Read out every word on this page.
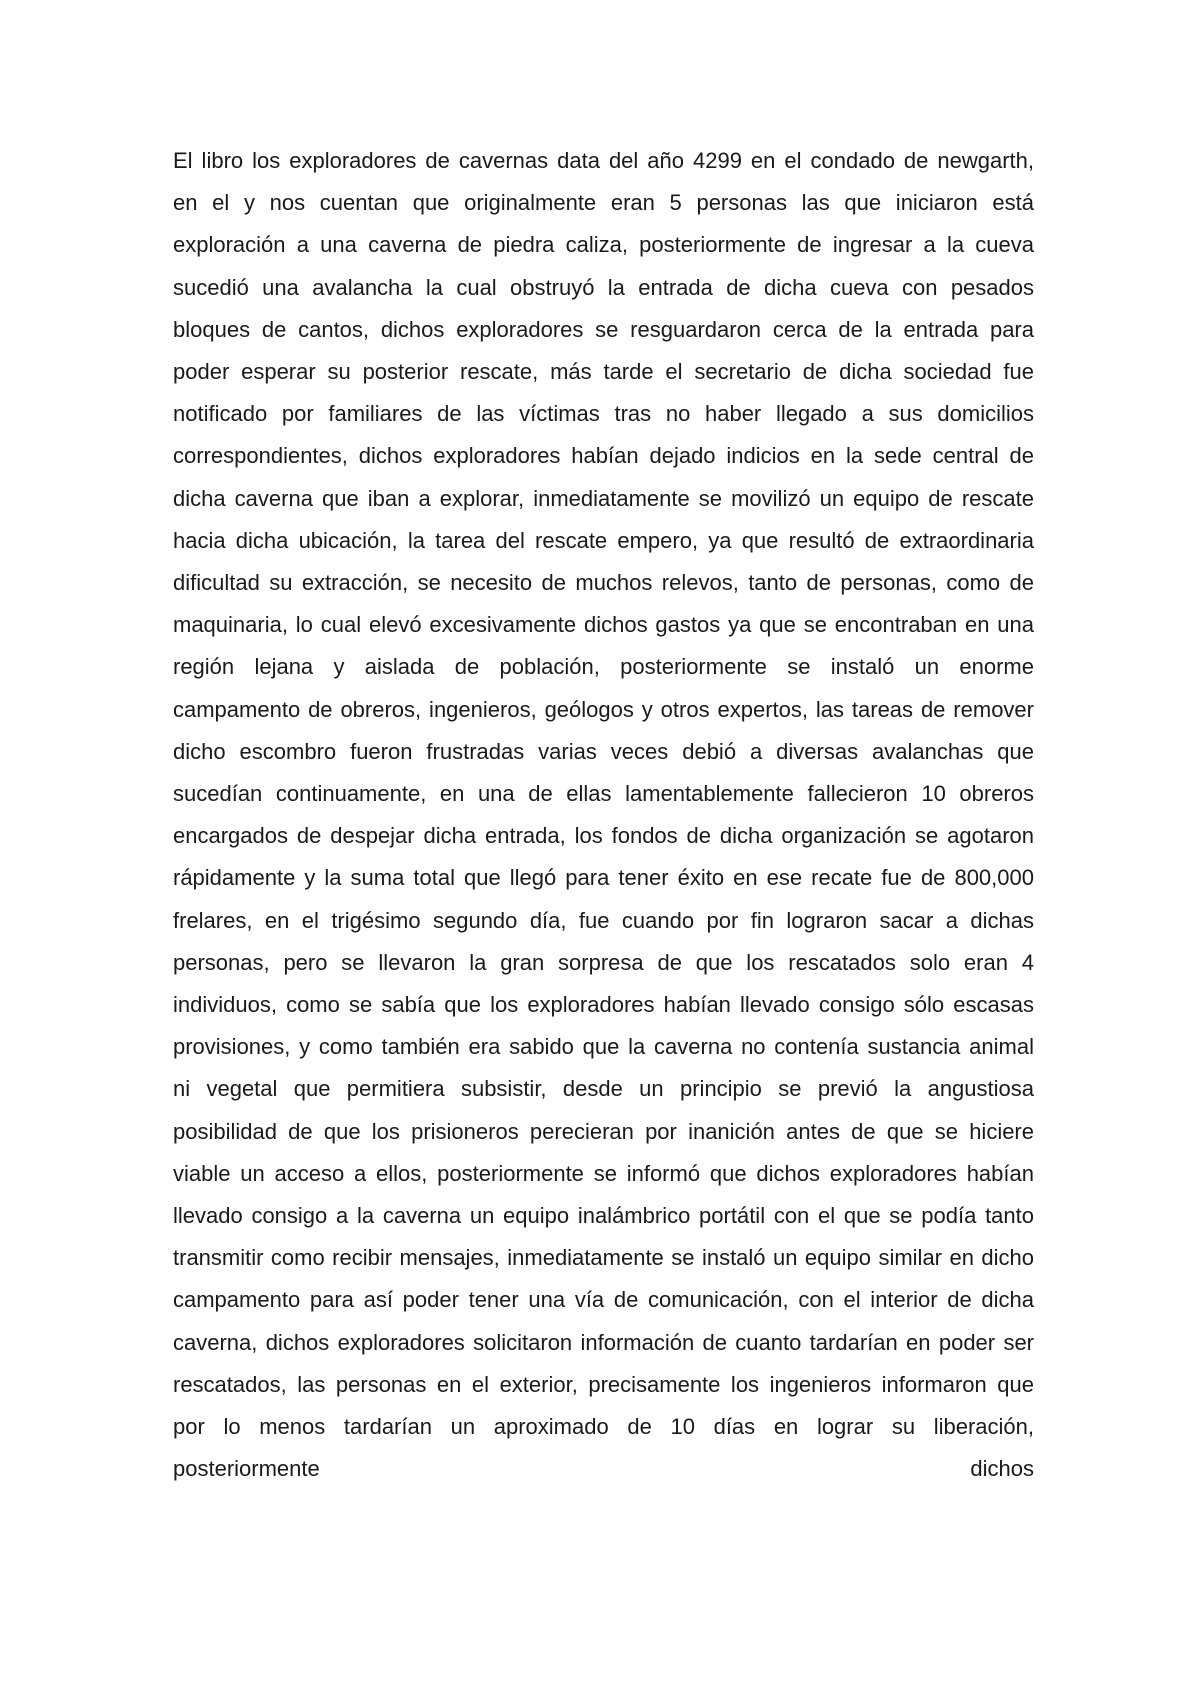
El libro los exploradores de cavernas data del año 4299 en el condado de newgarth, en el y nos cuentan que originalmente eran 5 personas las que iniciaron está exploración a una caverna de piedra caliza, posteriormente de ingresar a la cueva sucedió una avalancha la cual obstruyó la entrada de dicha cueva con pesados bloques de cantos, dichos exploradores se resguardaron cerca de la entrada para poder esperar su posterior rescate, más tarde el secretario de dicha sociedad fue notificado por familiares de las víctimas tras no haber llegado a sus domicilios correspondientes, dichos exploradores habían dejado indicios en la sede central de dicha caverna que iban a explorar, inmediatamente se movilizó un equipo de rescate hacia dicha ubicación, la tarea del rescate empero, ya que resultó de extraordinaria dificultad su extracción, se necesito de muchos relevos, tanto de personas, como de maquinaria, lo cual elevó excesivamente dichos gastos ya que se encontraban en una región lejana y aislada de población, posteriormente se instaló un enorme campamento de obreros, ingenieros, geólogos y otros expertos, las tareas de remover dicho escombro fueron frustradas varias veces debió a diversas avalanchas que sucedían continuamente, en una de ellas lamentablemente fallecieron 10 obreros encargados de despejar dicha entrada, los fondos de dicha organización se agotaron rápidamente y la suma total que llegó para tener éxito en ese recate fue de 800,000 frelares, en el trigésimo segundo día, fue cuando por fin lograron sacar a dichas personas, pero se llevaron la gran sorpresa de que los rescatados solo eran 4 individuos, como se sabía que los exploradores habían llevado consigo sólo escasas provisiones, y como también era sabido que la caverna no contenía sustancia animal ni vegetal que permitiera subsistir, desde un principio se previó la angustiosa posibilidad de que los prisioneros perecieran por inanición antes de que se hiciere viable un acceso a ellos, posteriormente se informó que dichos exploradores habían llevado consigo a la caverna un equipo inalámbrico portátil con el que se podía tanto transmitir como recibir mensajes, inmediatamente se instaló un equipo similar en dicho campamento para así poder tener una vía de comunicación, con el interior de dicha caverna, dichos exploradores solicitaron información de cuanto tardarían en poder ser rescatados, las personas en el exterior, precisamente los ingenieros informaron que por lo menos tardarían un aproximado de 10 días en lograr su liberación, posteriormente dichos
